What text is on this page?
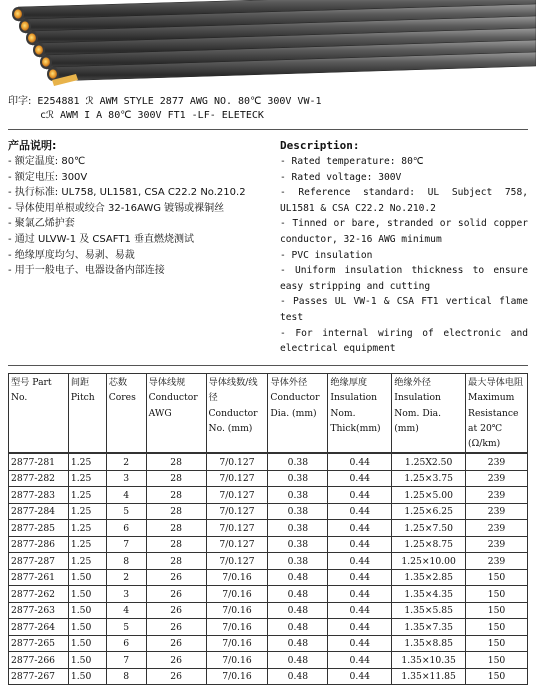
印字: E254881 ℛ AWM STYLE 2877 AWG NO. 80℃ 300V VW-1
cℛ AWM I A 80℃ 300V FT1 -LF- ELETECK
产品说明:
- 额定温度: 80℃
- 额定电压: 300V
- 执行标准: UL758, UL1581, CSA C22.2 No.210.2
- 导体使用单根或绞合 32-16AWG 镀锡或裸铜丝
- 聚氯乙烯护套
- 通过 ULVW-1 及 CSAFT1 垂直燃烧测试
- 绝缘厚度均匀、易剥、易裁
- 用于一般电子、电器设备内部连接
Description:
- Rated temperature: 80℃
- Rated voltage: 300V
- Reference standard: UL Subject 758, UL1581 & CSA C22.2 No.210.2
- Tinned or bare, stranded or solid copper conductor, 32-16 AWG minimum
- PVC insulation
- Uniform insulation thickness to ensure easy stripping and cutting
- Passes UL VW-1 & CSA FT1 vertical flame test
- For internal wiring of electronic and electrical equipment
型号 Part No.	间距 Pitch	芯数 Cores	导体线规 Conductor AWG	导体线数/线径 Conductor No. (mm)	导体外径 Conductor Dia. (mm)	绝缘厚度 Insulation Nom. Thick(mm)	绝缘外径 Insulation Nom. Dia. (mm)	最大导体电阻 Maximum Resistance at 20℃ (Ω/km)
2877-281	1.25	2	28	7/0.127	0.38	0.44	1.25X2.50	239
2877-282	1.25	3	28	7/0.127	0.38	0.44	1.25×3.75	239
2877-283	1.25	4	28	7/0.127	0.38	0.44	1.25×5.00	239
2877-284	1.25	5	28	7/0.127	0.38	0.44	1.25×6.25	239
2877-285	1.25	6	28	7/0.127	0.38	0.44	1.25×7.50	239
2877-286	1.25	7	28	7/0.127	0.38	0.44	1.25×8.75	239
2877-287	1.25	8	28	7/0.127	0.38	0.44	1.25×10.00	239
2877-261	1.50	2	26	7/0.16	0.48	0.44	1.35×2.85	150
2877-262	1.50	3	26	7/0.16	0.48	0.44	1.35×4.35	150
2877-263	1.50	4	26	7/0.16	0.48	0.44	1.35×5.85	150
2877-264	1.50	5	26	7/0.16	0.48	0.44	1.35×7.35	150
2877-265	1.50	6	26	7/0.16	0.48	0.44	1.35×8.85	150
2877-266	1.50	7	26	7/0.16	0.48	0.44	1.35×10.35	150
2877-267	1.50	8	26	7/0.16	0.48	0.44	1.35×11.85	150
